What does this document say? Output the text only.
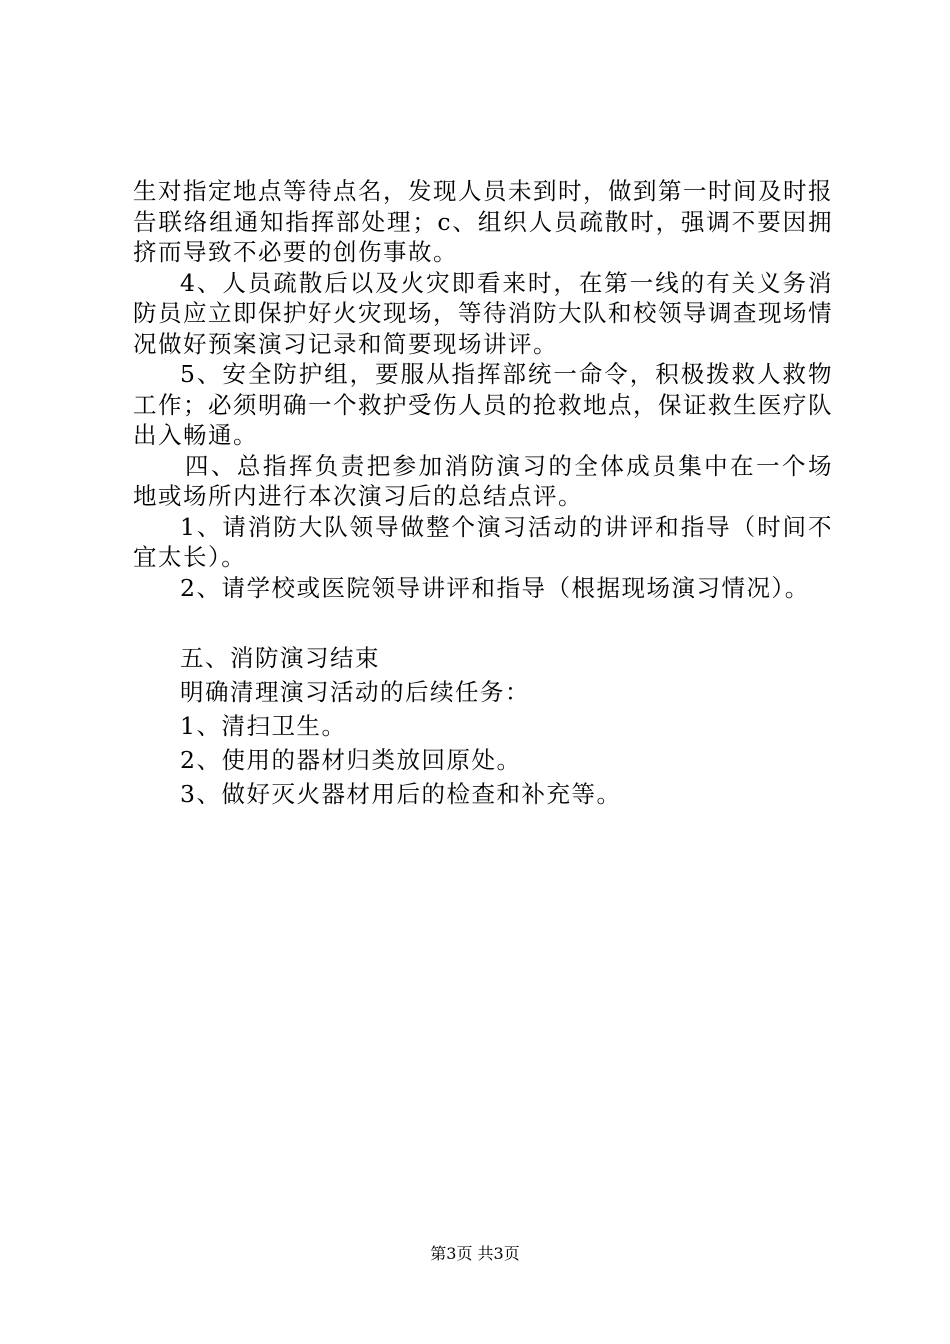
生对指定地点等待点名，发现人员未到时，做到第一时间及时报告联络组通知指挥部处理；c、组织人员疏散时，强调不要因拥挤而导致不必要的创伤事故。

4、人员疏散后以及火灾即看来时，在第一线的有关义务消防员应立即保护好火灾现场，等待消防大队和校领导调查现场情况做好预案演习记录和简要现场讲评。

5、安全防护组，要服从指挥部统一命令，积极拨救人救物工作；必须明确一个救护受伤人员的抢救地点，保证救生医疗队出入畅通。

四、总指挥负责把参加消防演习的全体成员集中在一个场地或场所内进行本次演习后的总结点评。

1、请消防大队领导做整个演习活动的讲评和指导（时间不宜太长）。

2、请学校或医院领导讲评和指导（根据现场演习情况）。

五、消防演习结束

明确清理演习活动的后续任务：

1、清扫卫生。

2、使用的器材归类放回原处。

3、做好灭火器材用后的检查和补充等。

第3页 共3页
